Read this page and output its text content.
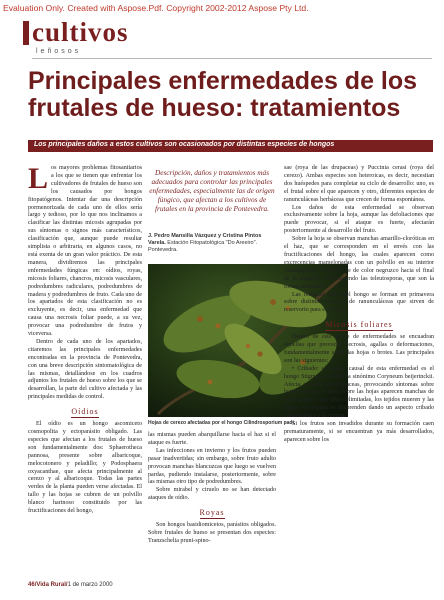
Evaluation Only. Created with Aspose.Pdf. Copyright 2002-2012 Aspose Pty Ltd.
cultivos
leñosos
Principales enfermedades de los frutales de hueso: tratamientos
Los principales daños a estos cultivos son ocasionados por distintas especies de hongos

Los mayores problemas fitosanitarios a los que se tienen que enfrentar los cultivadores de frutales de hueso son los causados por hongos fitopatógenos. Intentar dar una descripción pormenorizada de cada uno de ellos sería largo y tedioso, por lo que nos inclinamos a clasificar las distintas micosis agrupadas por sus síntomas o signos más característicos, clasificación que, aunque puede resultar simplista o arbitraria, en algunos casos, no está exenta de un gran valor práctico. De esta manera, dividiremos las principales enfermedades fúngicas en: oídios, royas, micosis foliares, chancros, micosis vasculares, podredumbres radiculares, podredumbres de madera y podredumbres de fruto. Cada uno de los apartados de esta clasificación no es excluyente, es decir, una enfermedad que causa una necrosis foliar puede, a su vez, provocar una podredumbre de frutos y viceversa.

Dentro de cada uno de los apartados, citaremos las principales enfermedades encontradas en la provincia de Pontevedra, con una breve descripción sintomatológica de las mismas, detallándose en los cuadros adjuntos los frutales de hueso sobre los que se desarrollan, la parte del cultivo afectada y las principales medidas de control.

Oídios

El oídio es un hongo ascomiceto cosmopolita y ectoparásito obligado. Las especies que afectan a los frutales de hueso son fundamentalmente dos: Sphaerotheca pannosa, presente sobre albaricoque, melocotonero y peladillo; y Podosphaera oxyacanthae, que afecta principalmente al cerezo y al albaricoque. Todas las partes verdes de la planta pueden verse afectadas. El tallo y las hojas se cubren de un polvillo blanco harinoso constituido por las fructificaciones del hongo,

Descripción, daños y tratamientos más adecuados para controlar las principales enfermedades, especialmente las de origen fúngico, que afectan a los cultivos de frutales en la provincia de Pontevedra.
J. Pedro Mansilla Vázquez y Cristina Pintos Varela. Estación Fitopatológica "Do Areeiro". Pontevedra.
Hojas de cerezo afectadas por el hongo Cilindrosporium padi.

las mismas pueden abarquillarse hacia el haz si el ataque es fuerte.

Las infecciones en invierno y los frutos pueden pasar inadvertidas; sin embargo, sobre fruto adulto provocan manchas blancuzcas que luego se vuelven pardas, pudiendo instalarse, posteriormente, sobre las mismas otro tipo de podredumbres.

Sobre mirabel y ciruelo no se han detectado ataques de oídio.

Royas

Son hongos basidiomicetos, parásitos obligados. Sobre frutales de hueso se presentan dos especies: Tranzschelia pruni-spino-

sae (roya de las drupaceas) y Puccinia cerasi (roya del cerezo). Ambas especies son heteroicas, es decir, necesitan dos huéspedes para completar su ciclo de desarrollo: uno, es el frutal sobre el que aparecen y otro, diferentes especies de ranunculáceas herbáceas que crecen de forma espontánea.

Los daños de esta enfermedad se observan exclusivamente sobre la hoja, aunque las defoliaciones que puede provocar, si el ataque es fuerte, afectarán posteriormente al desarrollo del fruto.

Sobre la hoja se observan manchas amarillo-cloróticas en el haz, que se corresponden en el envés con las fructificaciones del hongo, las cuales aparecen como excrecencias mamelonadas con un polvillo en su interior (uredosporas), volviéndose de color negruzco hacia el final de la estación, constituyendo las teleutosporas, que son la forma invernante.

Las restantes fases del hongo se forman en primavera sobre distintas especies de ranunculáceas que sirven de reservorio para el hongo.

Micosis foliares

Dentro de este grupo de enfermedades se encuadran aquellas que provocan necrosis, agallas o deformaciones, fundamentalmente sobre las hojas o brotes. Las principales son las siguientes:

• Cribado: el agente causal de esta enfermedad es el hongo Stigmina carpophila sinónimo Coryneum beijerinckii. Afecta a todas las drupaceas, provocando síntomas sobre hojas, ramas y frutos. Sobre las hojas aparecen manchas de color pardo rojizo bien delimitadas, los tejidos mueren y las partes necrosadas se desprenden dando un aspecto cribado característico a la misma.

Si los frutos son invadidos durante su formación caen prematuramente, si se encuentran ya más desarrollados, aparecen sobre los

46/Vida Rural/1 de marzo 2000
